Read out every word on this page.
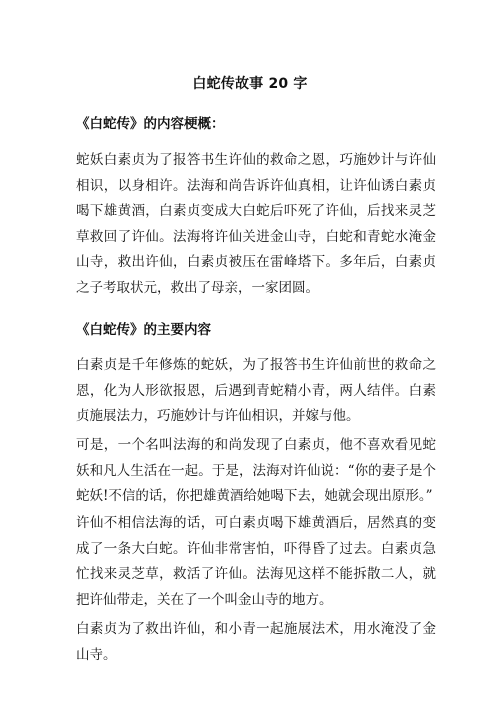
白蛇传故事 20 字
《白蛇传》的内容梗概：
蛇妖白素贞为了报答书生许仙的救命之恩，巧施妙计与许仙相识，以身相许。法海和尚告诉许仙真相，让许仙诱白素贞喝下雄黄酒，白素贞变成大白蛇后吓死了许仙，后找来灵芝草救回了许仙。法海将许仙关进金山寺，白蛇和青蛇水淹金山寺，救出许仙，白素贞被压在雷峰塔下。多年后，白素贞之子考取状元，救出了母亲，一家团圆。
《白蛇传》的主要内容
白素贞是千年修炼的蛇妖，为了报答书生许仙前世的救命之恩，化为人形欲报恩，后遇到青蛇精小青，两人结伴。白素贞施展法力，巧施妙计与许仙相识，并嫁与他。
可是，一个名叫法海的和尚发现了白素贞，他不喜欢看见蛇妖和凡人生活在一起。于是，法海对许仙说：“你的妻子是个蛇妖!不信的话，你把雄黄酒给她喝下去，她就会现出原形。”
许仙不相信法海的话，可白素贞喝下雄黄酒后，居然真的变成了一条大白蛇。许仙非常害怕，吓得昏了过去。白素贞急忙找来灵芝草，救活了许仙。法海见这样不能拆散二人，就把许仙带走，关在了一个叫金山寺的地方。
白素贞为了救出许仙，和小青一起施展法术，用水淹没了金山寺。
